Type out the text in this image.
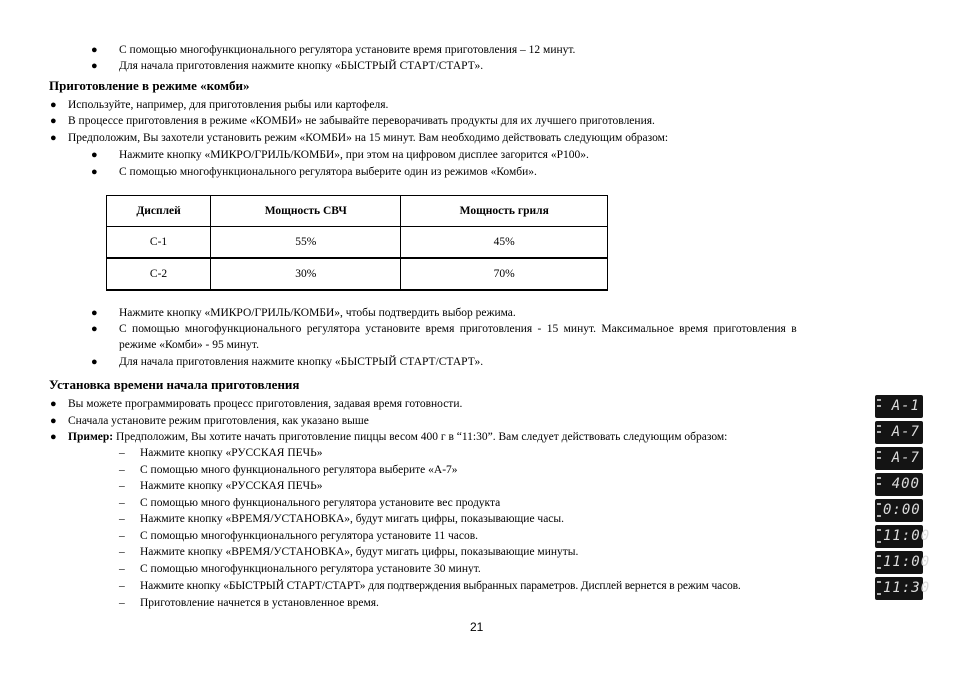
● С помощью многофункционального регулятора установите время приготовления – 12 минут.
● Для начала приготовления нажмите кнопку «БЫСТРЫЙ СТАРТ/СТАРТ».
Приготовление в режиме «комби»
● Используйте, например, для приготовления рыбы или картофеля.
● В процессе приготовления в режиме «КОМБИ» не забывайте переворачивать продукты для их лучшего приготовления.
● Предположим, Вы захотели установить режим «КОМБИ» на 15 минут. Вам необходимо действовать следующим образом:
● Нажмите кнопку «МИКРО/ГРИЛЬ/КОМБИ», при этом на цифровом дисплее загорится «P100».
● С помощью многофункционального регулятора выберите один из режимов «Комби».
Дисплей	Мощность СВЧ	Мощность гриля
C-1	55%	45%
C-2	30%	70%
● Нажмите кнопку «МИКРО/ГРИЛЬ/КОМБИ», чтобы подтвердить выбор режима.
● С помощью многофункционального регулятора установите время приготовления - 15 минут. Максимальное время приготовления в
режиме «Комби» - 95 минут.
● Для начала приготовления нажмите кнопку «БЫСТРЫЙ СТАРТ/СТАРТ».
Установка времени начала приготовления
● Вы можете программировать процесс приготовления, задавая время готовности.
● Сначала установите режим приготовления, как указано выше
● Пример: Предположим, Вы хотите начать приготовление пиццы весом 400 г в “11:30”. Вам следует действовать следующим образом:
– Нажмите кнопку «РУССКАЯ ПЕЧЬ»
– С помощью много функционального регулятора выберите «А-7»
– Нажмите кнопку «РУССКАЯ ПЕЧЬ»
– С помощью много функционального регулятора установите вес продукта
– Нажмите кнопку «ВРЕМЯ/УСТАНОВКА», будут мигать цифры, показывающие часы.
– С помощью многофункционального регулятора установите 11 часов.
– Нажмите кнопку «ВРЕМЯ/УСТАНОВКА», будут мигать цифры, показывающие минуты.
– С помощью многофункционального регулятора установите 30 минут.
– Нажмите кнопку «БЫСТРЫЙ СТАРТ/СТАРТ» для подтверждения выбранных параметров. Дисплей вернется в режим часов.
– Приготовление начнется в установленное время.
A-1
A-7
A-7
400
0:00
11:00
11:00
11:30
21
